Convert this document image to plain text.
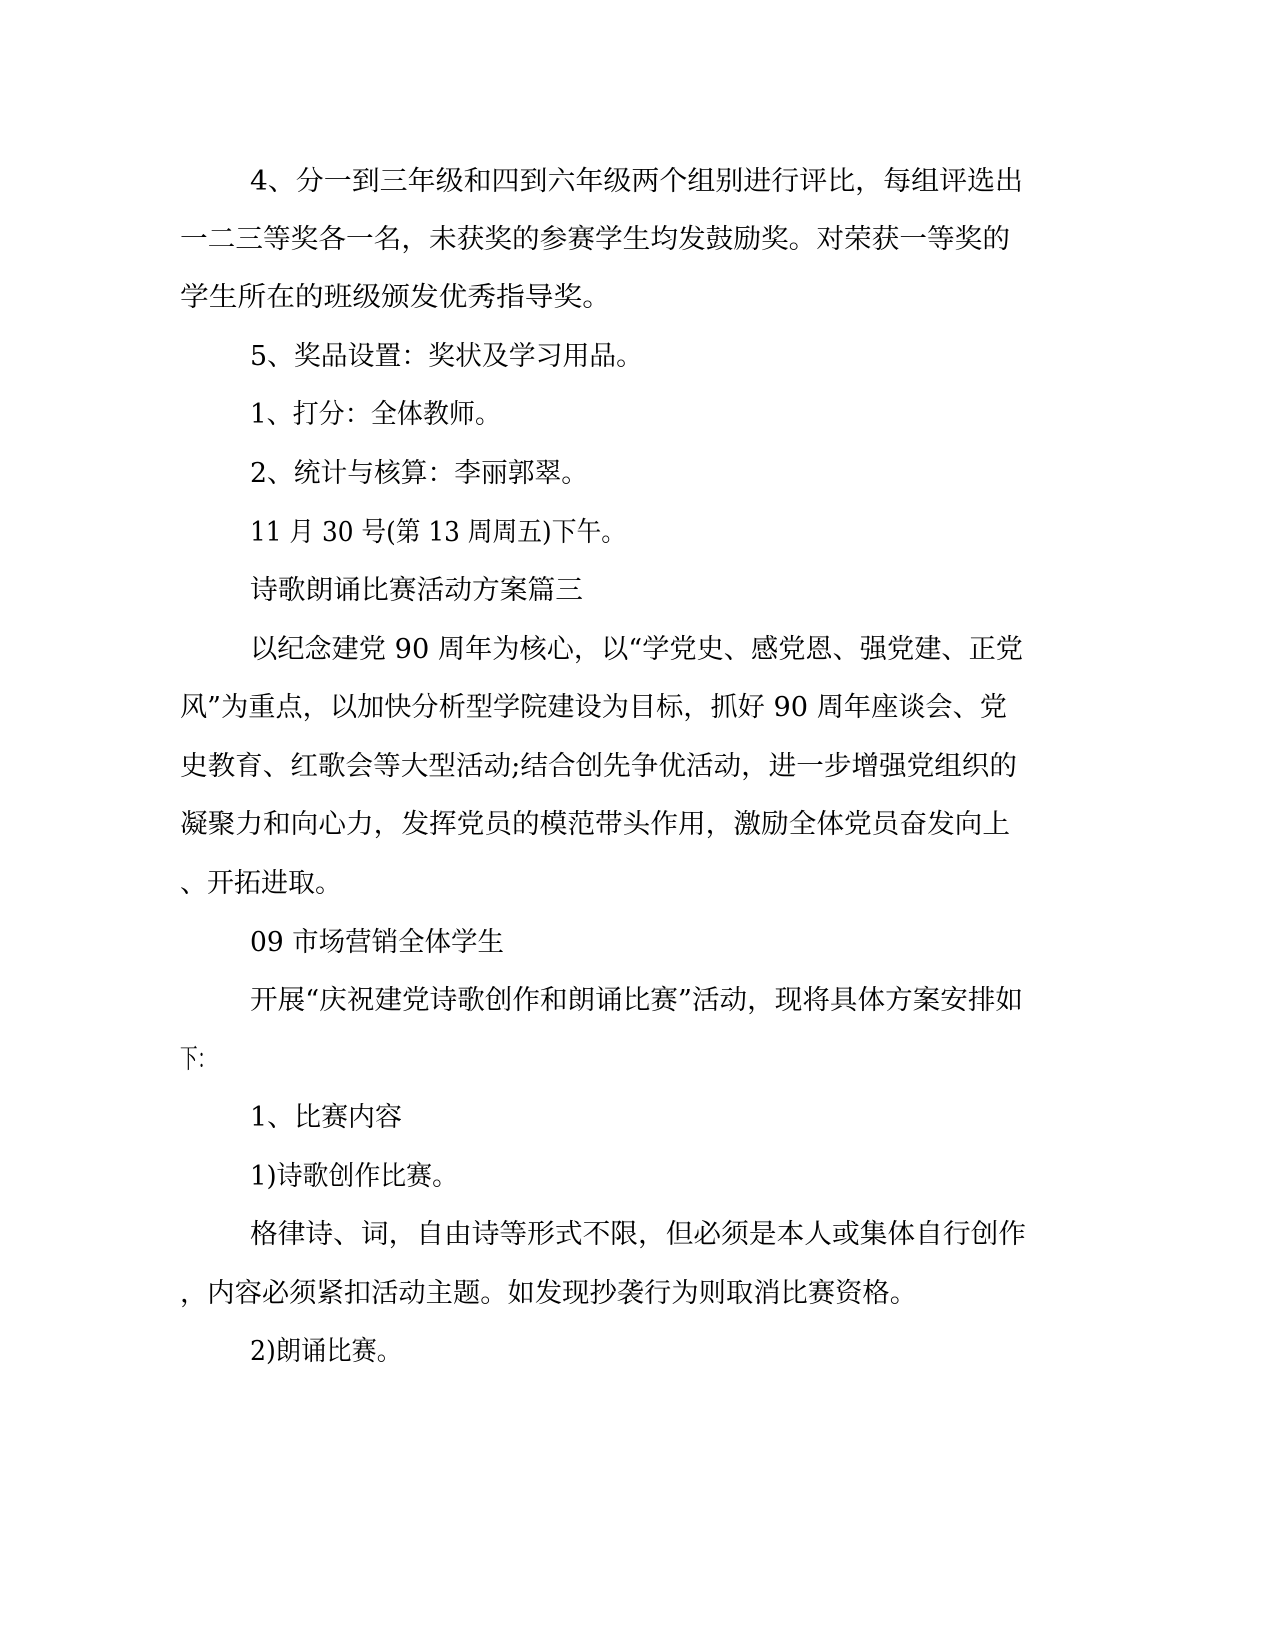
4、分一到三年级和四到六年级两个组别进行评比，每组评选出

一二三等奖各一名，未获奖的参赛学生均发鼓励奖。对荣获一等奖的

学生所在的班级颁发优秀指导奖。

5、奖品设置：奖状及学习用品。

1、打分：全体教师。

2、统计与核算：李丽郭翠。

11 月 30 号(第 13 周周五)下午。

诗歌朗诵比赛活动方案篇三

以纪念建党 90 周年为核心，以“学党史、感党恩、强党建、正党

风”为重点，以加快分析型学院建设为目标，抓好 90 周年座谈会、党

史教育、红歌会等大型活动;结合创先争优活动，进一步增强党组织的

凝聚力和向心力，发挥党员的模范带头作用，激励全体党员奋发向上

、开拓进取。

09 市场营销全体学生

开展“庆祝建党诗歌创作和朗诵比赛”活动，现将具体方案安排如

下：

1、比赛内容

1)诗歌创作比赛。

格律诗、词，自由诗等形式不限，但必须是本人或集体自行创作

，内容必须紧扣活动主题。如发现抄袭行为则取消比赛资格。

2)朗诵比赛。
